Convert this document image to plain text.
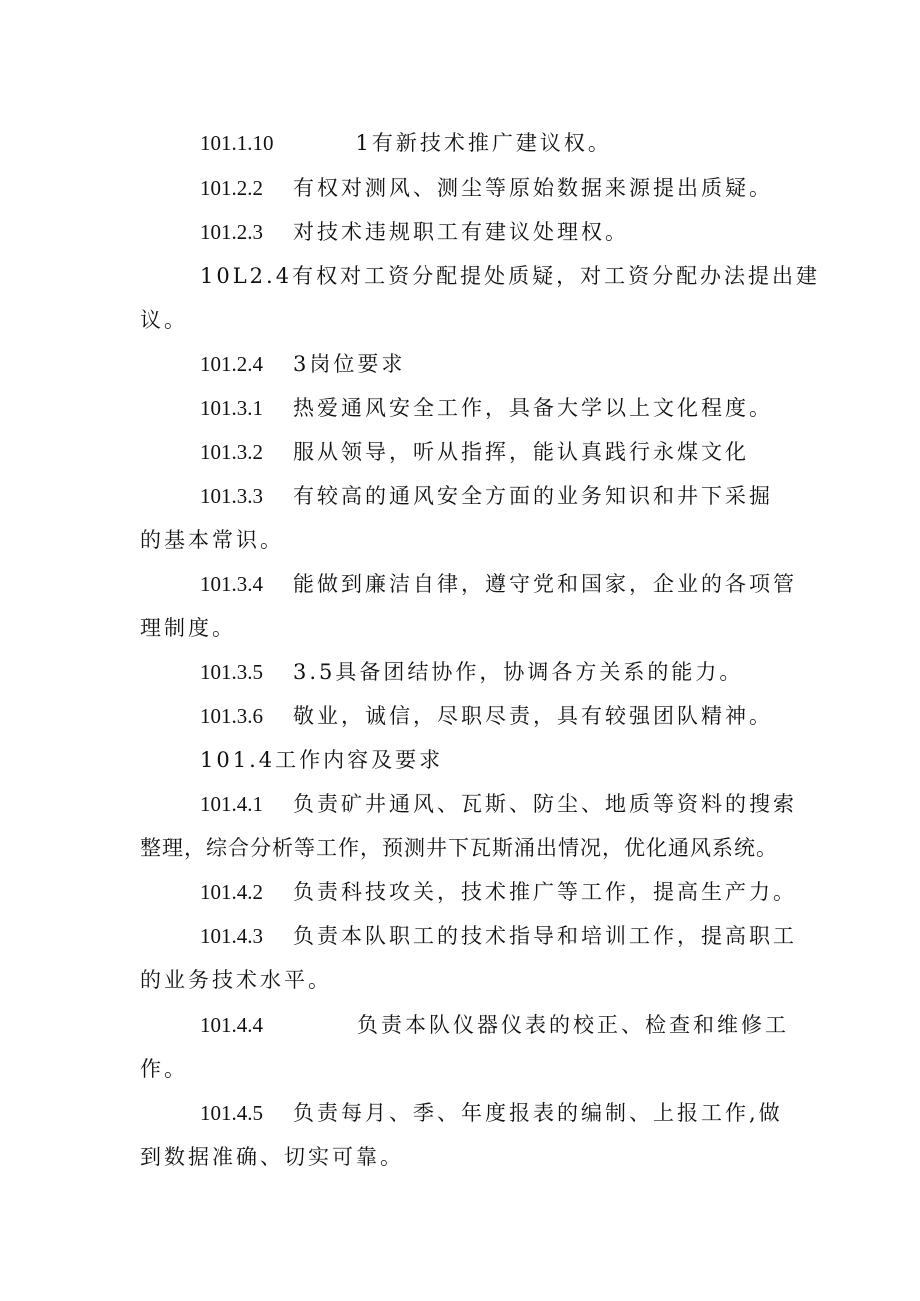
101.1.10	1有新技术推广建议权。
101.2.2 有权对测风、测尘等原始数据来源提出质疑。
101.2.3 对技术违规职工有建议处理权。
10L2.4有权对工资分配提处质疑，对工资分配办法提出建
议。
101.2.4 3岗位要求
101.3.1 热爱通风安全工作，具备大学以上文化程度。
101.3.2 服从领导，听从指挥，能认真践行永煤文化
101.3.3 有较高的通风安全方面的业务知识和井下采掘
的基本常识。
101.3.4 能做到廉洁自律，遵守党和国家，企业的各项管
理制度。
101.3.5 3.5具备团结协作，协调各方关系的能力。
101.3.6 敬业，诚信，尽职尽责，具有较强团队精神。
101.4工作内容及要求
101.4.1 负责矿井通风、瓦斯、防尘、地质等资料的搜索
整理，综合分析等工作，预测井下瓦斯涌出情况，优化通风系统。
101.4.2 负责科技攻关，技术推广等工作，提高生产力。
101.4.3 负责本队职工的技术指导和培训工作，提高职工
的业务技术水平。
101.4.4	负责本队仪器仪表的校正、检查和维修工
作。
101.4.5 负责每月、季、年度报表的编制、上报工作,做
到数据准确、切实可靠。
